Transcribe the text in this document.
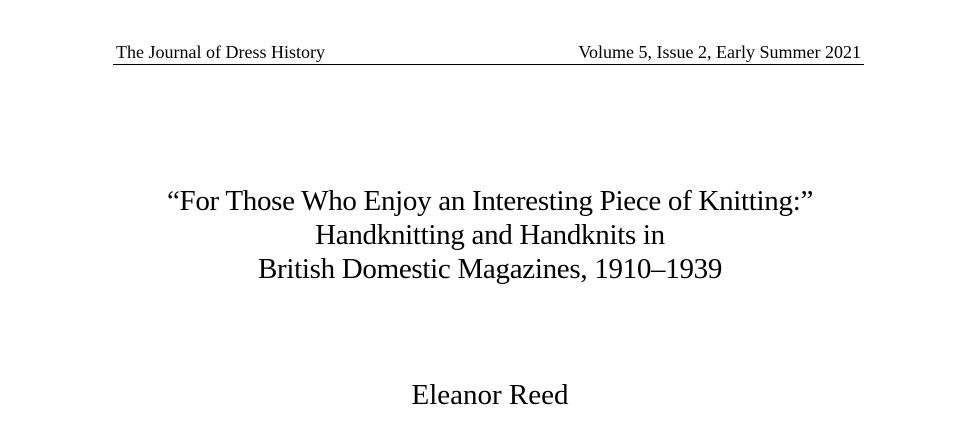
The Journal of Dress History	Volume 5, Issue 2, Early Summer 2021
“For Those Who Enjoy an Interesting Piece of Knitting:”
Handknitting and Handknits in
British Domestic Magazines, 1910–1939
Eleanor Reed
